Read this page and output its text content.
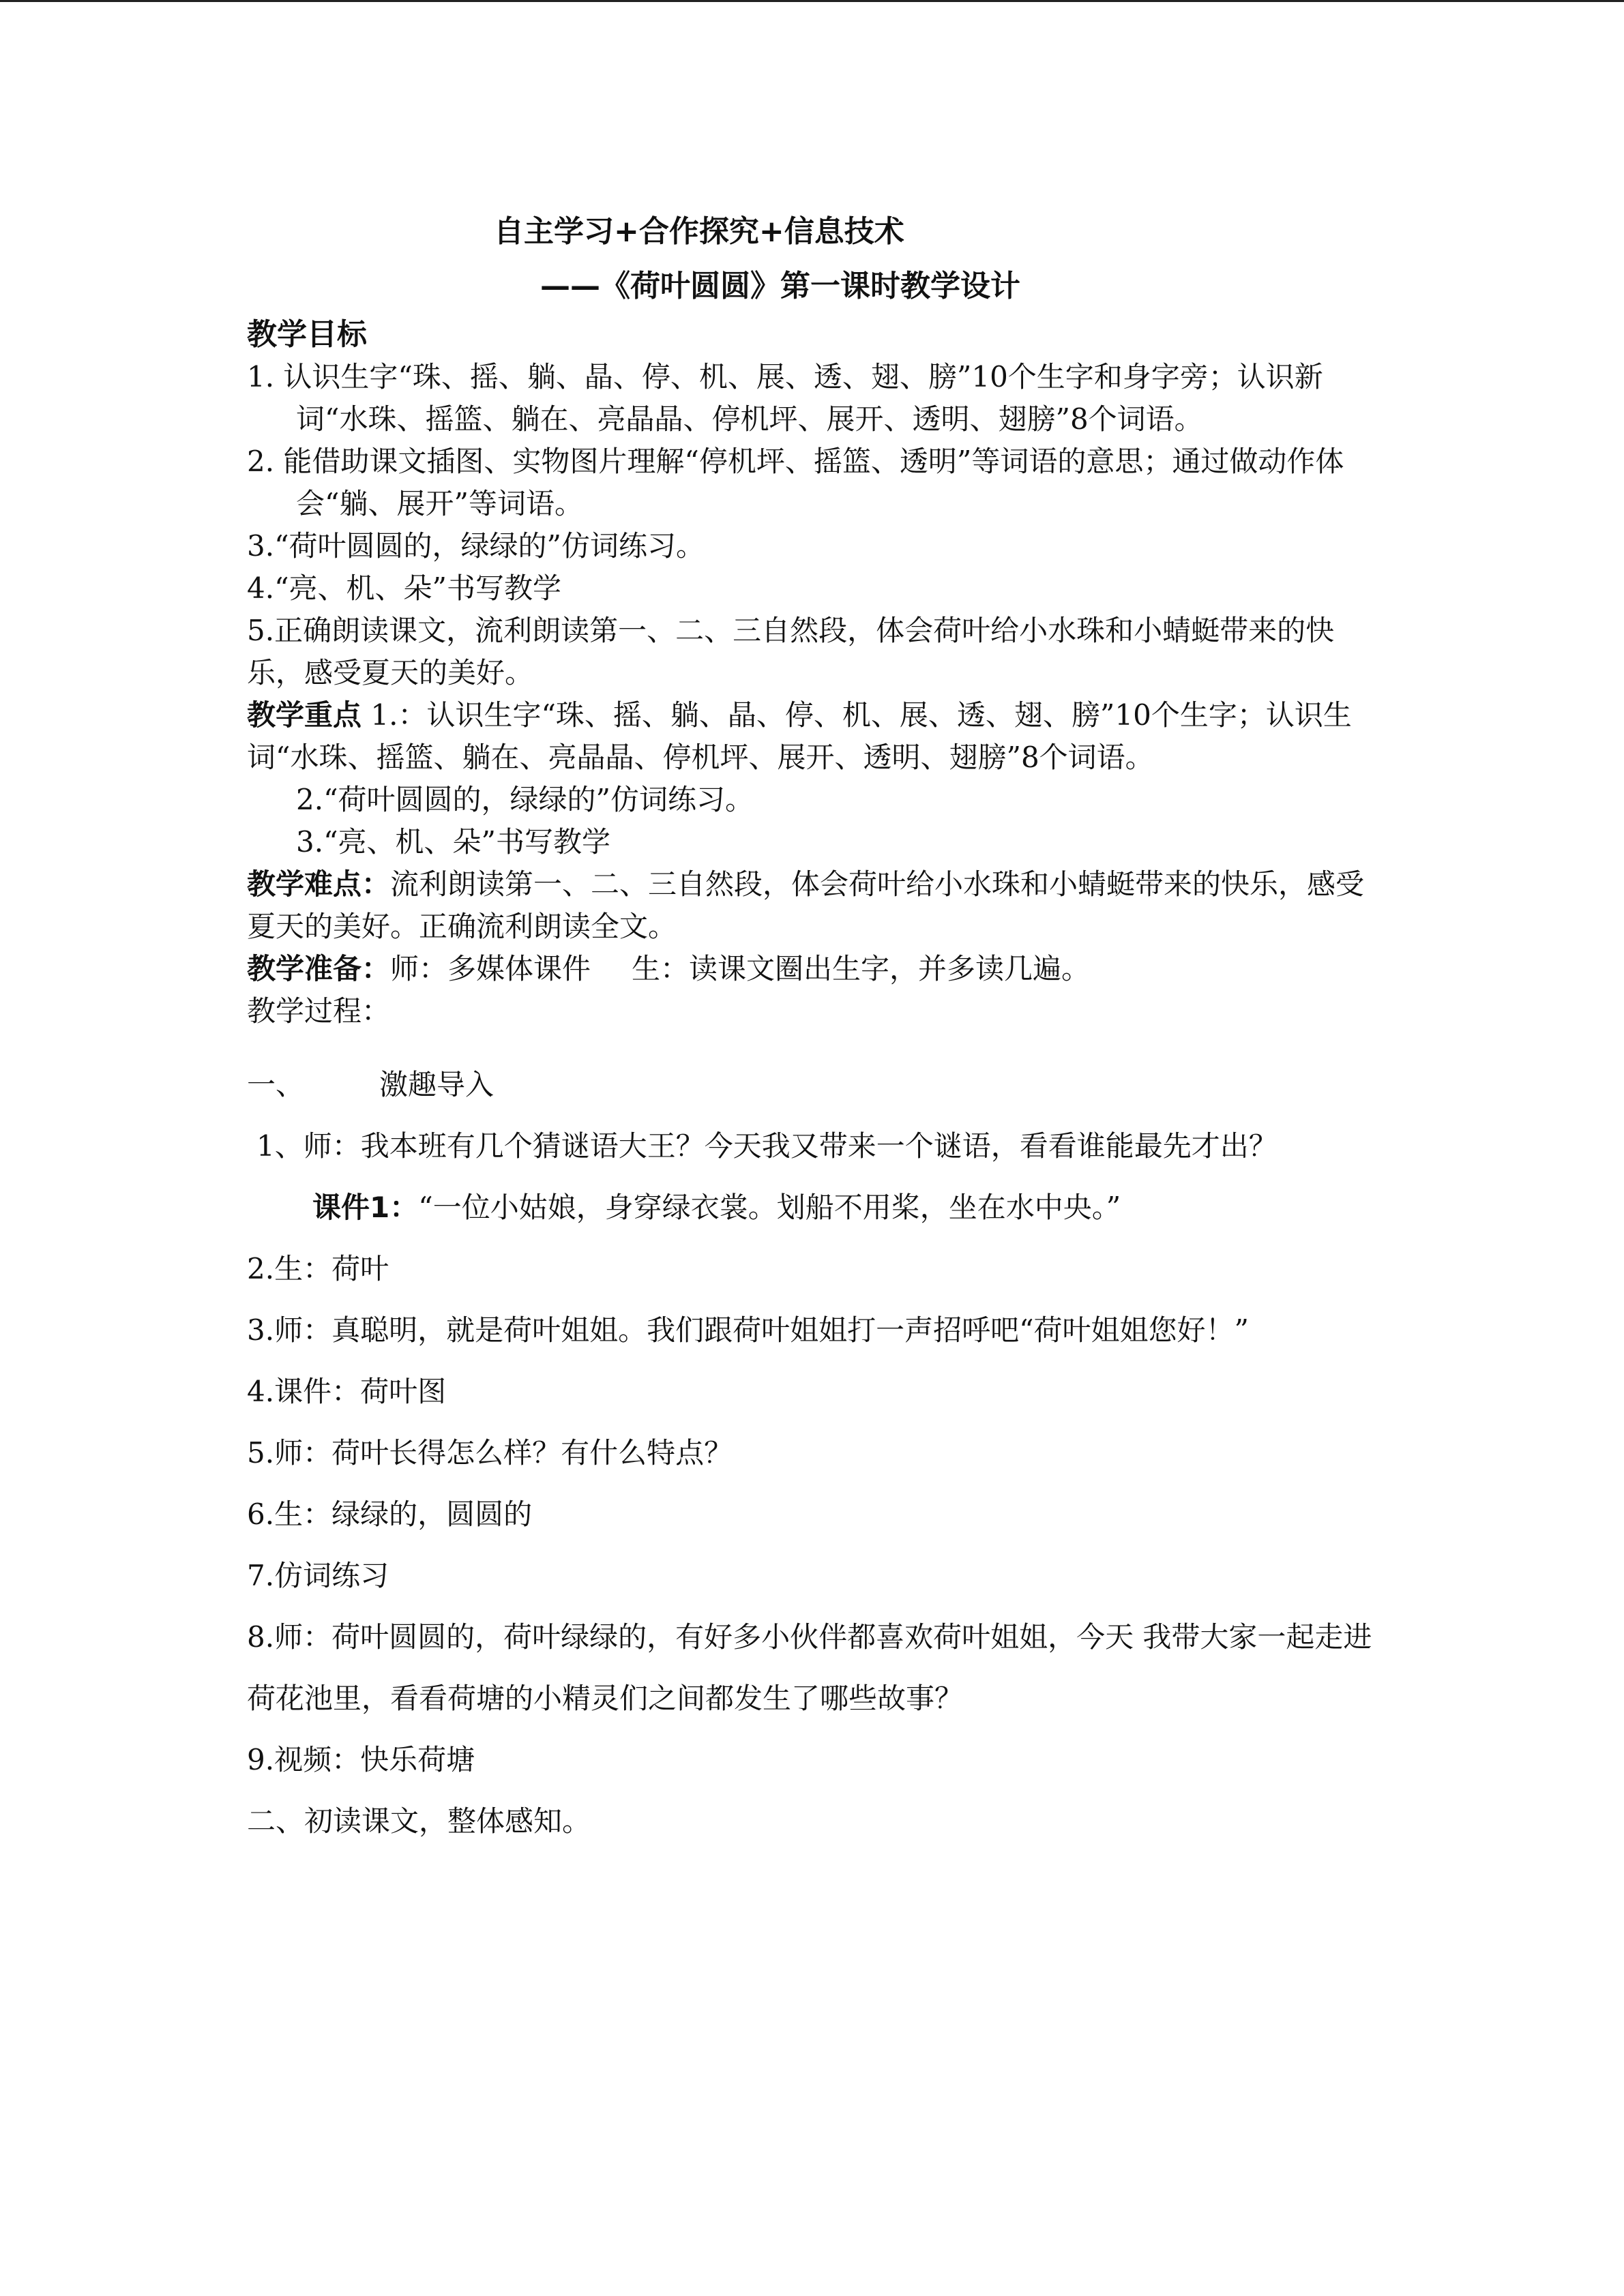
自主学习+合作探究+信息技术

——《荷叶圆圆》第一课时教学设计

教学目标

1. 认识生字“珠、摇、躺、晶、停、机、展、透、翅、膀”10个生字和身字旁；认识新词“水珠、摇篮、躺在、亮晶晶、停机坪、展开、透明、翅膀”8个词语。

2. 能借助课文插图、实物图片理解“停机坪、摇篮、透明”等词语的意思；通过做动作体会“躺、展开”等词语。

3.“荷叶圆圆的，绿绿的”仿词练习。

4.“亮、机、朵”书写教学

5.正确朗读课文，流利朗读第一、二、三自然段，体会荷叶给小水珠和小蜻蜓带来的快乐，感受夏天的美好。

教学重点 1.：认识生字“珠、摇、躺、晶、停、机、展、透、翅、膀”10个生字；认识生词“水珠、摇篮、躺在、亮晶晶、停机坪、展开、透明、翅膀”8个词语。

2.“荷叶圆圆的，绿绿的”仿词练习。

3.“亮、机、朵”书写教学

教学难点：流利朗读第一、二、三自然段，体会荷叶给小水珠和小蜻蜓带来的快乐，感受夏天的美好。正确流利朗读全文。

教学准备：师：多媒体课件 生：读课文圈出生字，并多读几遍。

教学过程：

一、	激趣导入

1、师：我本班有几个猜谜语大王？今天我又带来一个谜语，看看谁能最先才出？

课件1：“一位小姑娘，身穿绿衣裳。划船不用桨，坐在水中央。”

2.生：荷叶

3.师：真聪明，就是荷叶姐姐。我们跟荷叶姐姐打一声招呼吧“荷叶姐姐您好！”

4.课件：荷叶图

5.师：荷叶长得怎么样？有什么特点？

6.生：绿绿的，圆圆的

7.仿词练习

8.师：荷叶圆圆的，荷叶绿绿的，有好多小伙伴都喜欢荷叶姐姐，今天 我带大家一起走进荷花池里，看看荷塘的小精灵们之间都发生了哪些故事？

9.视频：快乐荷塘

二、初读课文，整体感知。
